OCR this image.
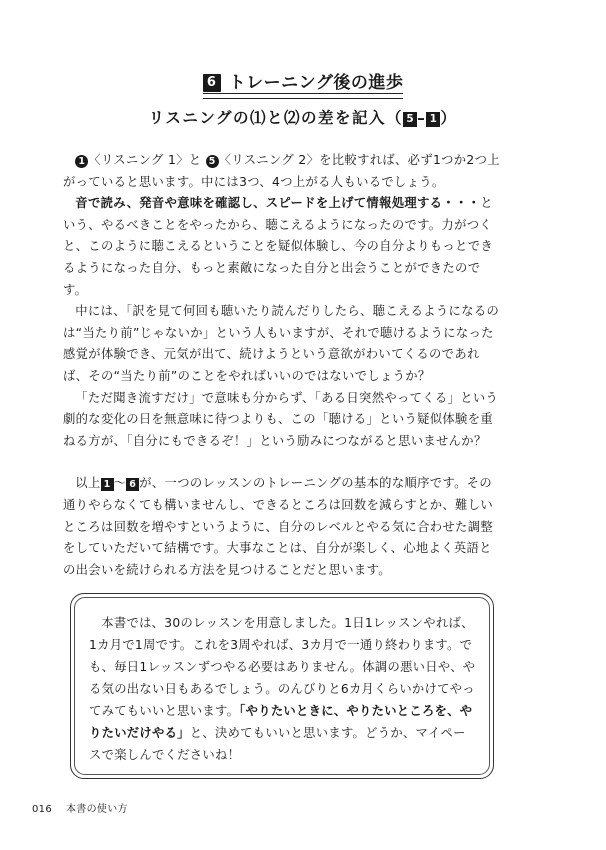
6 トレーニング後の進歩
リスニングの⑴と⑵の差を記入（ 5 – 1 ）

1 〈リスニング 1〉と 5 〈リスニング 2〉を比較すれば、必ず1つか2つ上がっていると思います。中には3つ、4つ上がる人もいるでしょう。

音で読み、発音や意味を確認し、スピードを上げて情報処理する・・・という、やるべきことをやったから、聴こえるようになったのです。力がつくと、このように聴こえるということを疑似体験し、今の自分よりもっとできるようになった自分、もっと素敵になった自分と出会うことができたのです。

中には、「訳を見て何回も聴いたり読んだりしたら、聴こえるようになるのは“当たり前”じゃないか」という人もいますが、それで聴けるようになった感覚が体験でき、元気が出て、続けようという意欲がわいてくるのであれば、その“当たり前”のことをやればいいのではないでしょうか？

「ただ聞き流すだけ」で意味も分からず、「ある日突然やってくる」という劇的な変化の日を無意味に待つよりも、この「聴ける」という疑似体験を重ねる方が、「自分にもできるぞ！」という励みにつながると思いませんか？

以上 1 ～ 6 が、一つのレッスンのトレーニングの基本的な順序です。その通りやらなくても構いませんし、できるところは回数を減らすとか、難しいところは回数を増やすというように、自分のレベルとやる気に合わせた調整をしていただいて結構です。大事なことは、自分が楽しく、心地よく英語との出会いを続けられる方法を見つけることだと思います。

本書では、30のレッスンを用意しました。1日1レッスンやれば、1カ月で1周です。これを3周やれば、3カ月で一通り終わります。でも、毎日1レッスンずつやる必要はありません。体調の悪い日や、やる気の出ない日もあるでしょう。のんびりと6カ月くらいかけてやってみてもいいと思います。「やりたいときに、やりたいところを、やりたいだけやる」と、決めてもいいと思います。どうか、マイペースで楽しんでくださいね！
016 本書の使い方
